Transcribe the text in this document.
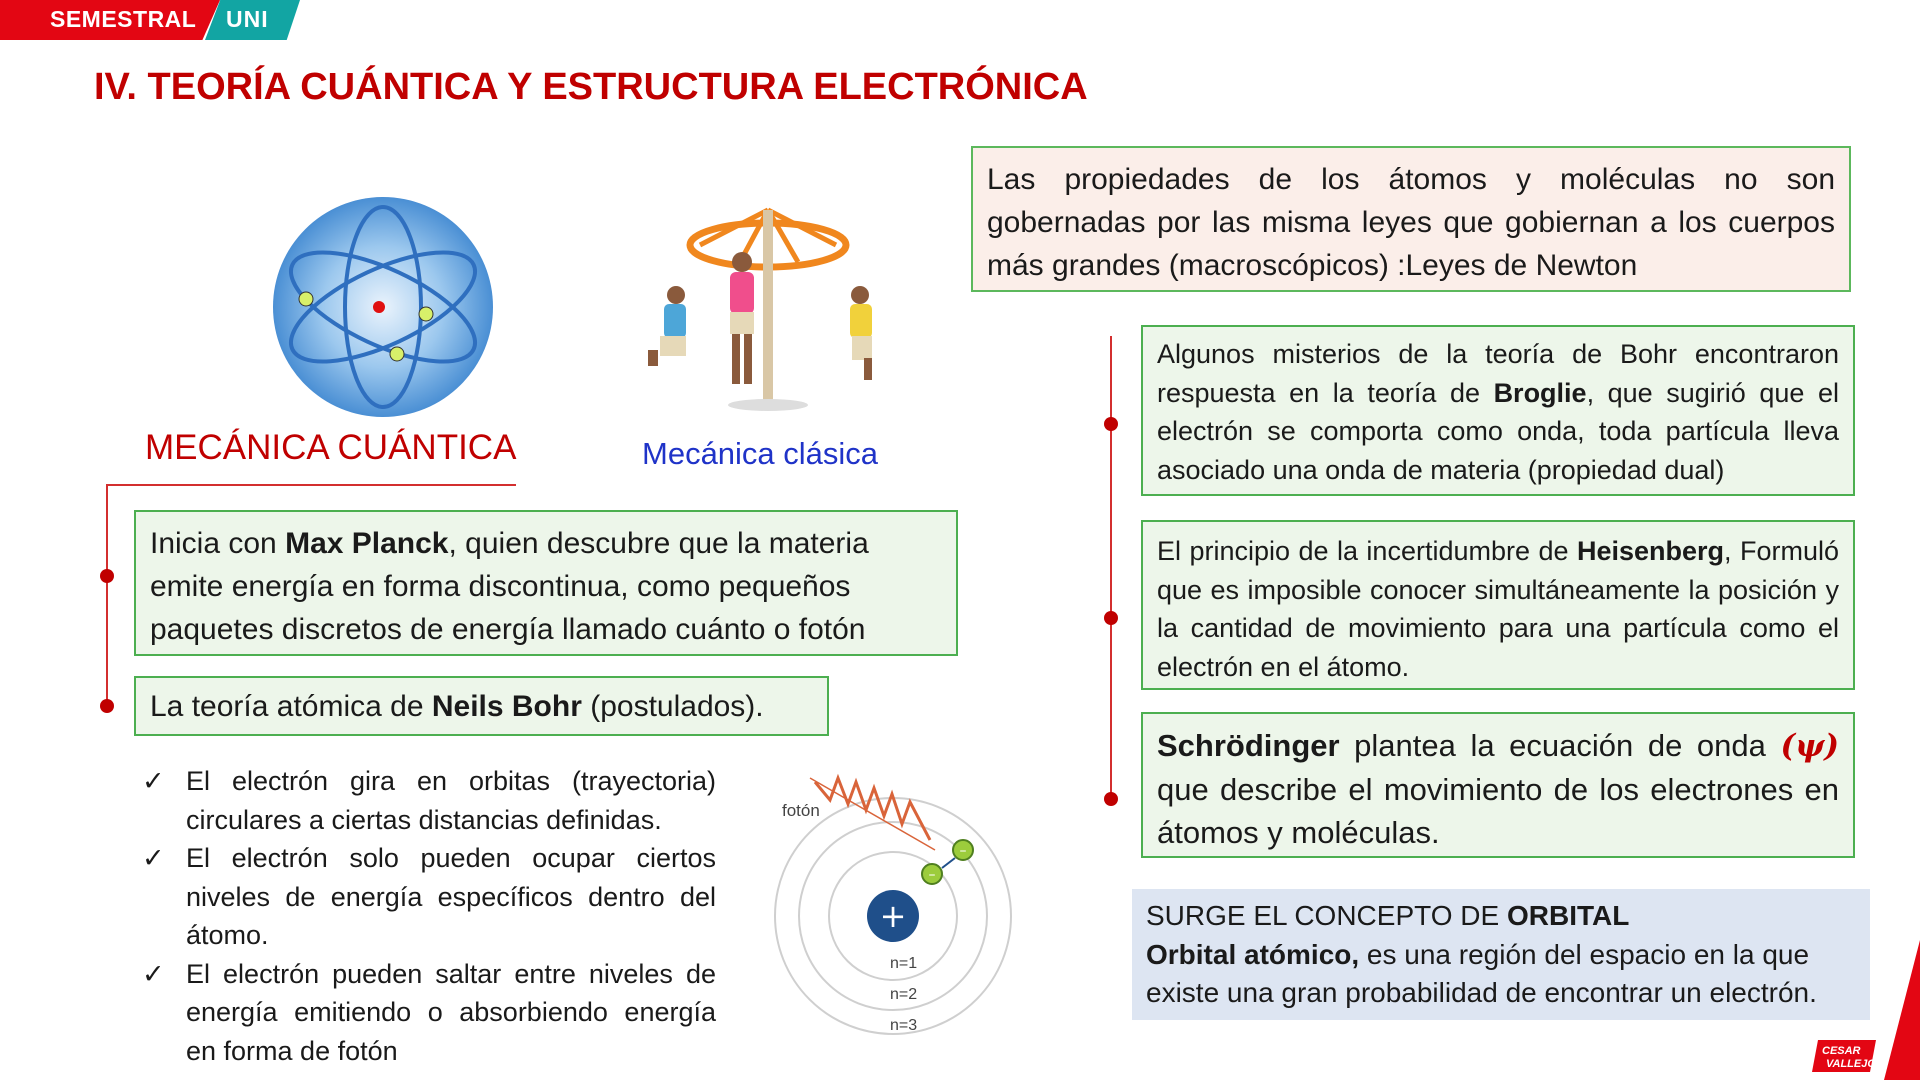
SEMESTRAL UNI
IV. TEORÍA CUÁNTICA Y ESTRUCTURA ELECTRÓNICA
Las propiedades de los átomos y moléculas no son gobernadas por las misma leyes que gobiernan a los cuerpos más grandes (macroscópicos) :Leyes de Newton
MECÁNICA CUÁNTICA	Mecánica clásica
Inicia con Max Planck, quien descubre que la materia emite energía en forma discontinua, como pequeños paquetes discretos de energía llamado cuánto o fotón
La teoría atómica de Neils Bohr (postulados).
✓ El electrón gira en orbitas (trayectoria) circulares a ciertas distancias definidas.
✓ El electrón solo pueden ocupar ciertos niveles de energía específicos dentro del átomo.
✓ El electrón pueden saltar entre niveles de energía emitiendo o absorbiendo energía en forma de fotón
+
–
–
fotón
n=1
n=2
n=3
Algunos misterios de la teoría de Bohr encontraron respuesta en la teoría de Broglie, que sugirió que el electrón se comporta como onda, toda partícula lleva asociado una onda de materia (propiedad dual)
El principio de la incertidumbre de Heisenberg, Formuló que es imposible conocer simultáneamente la posición y la cantidad de movimiento para una partícula como el electrón en el átomo.
Schrödinger plantea la ecuación de onda (ψ) que describe el movimiento de los electrones en átomos y moléculas.
SURGE EL CONCEPTO DE ORBITAL
Orbital atómico, es una región del espacio en la que existe una gran probabilidad de encontrar un electrón.
CESAR
VALLEJO
